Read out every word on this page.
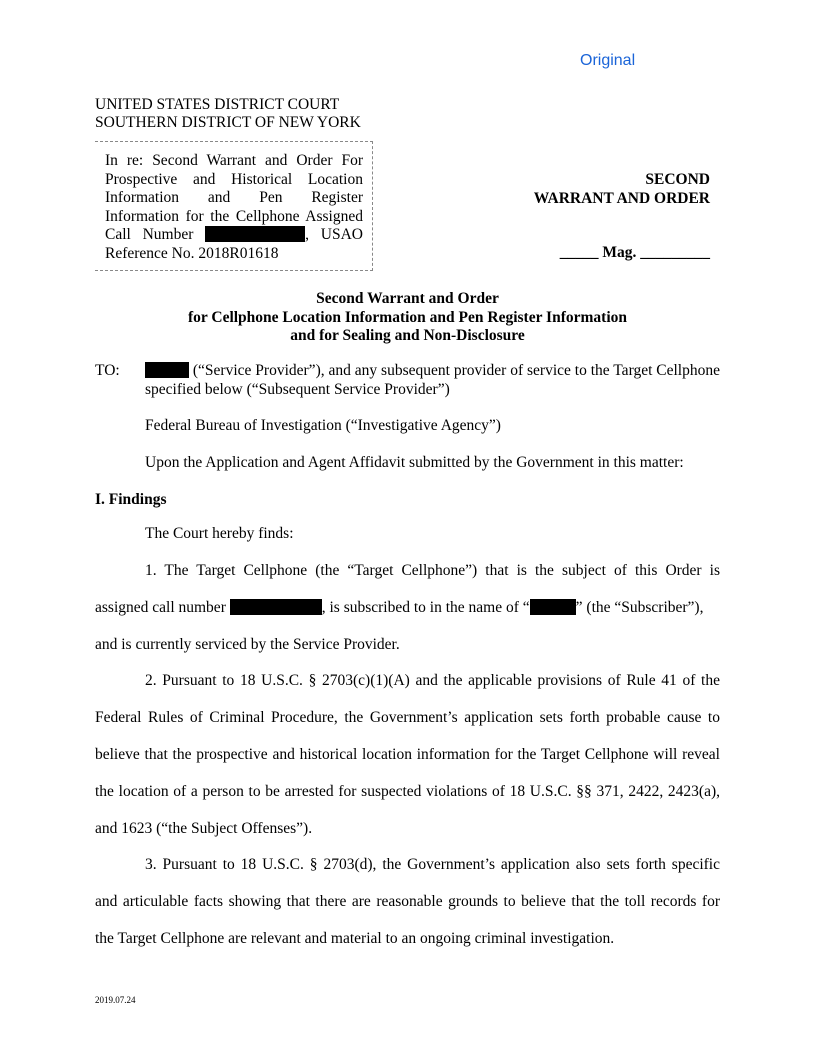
Original
UNITED STATES DISTRICT COURT
SOUTHERN DISTRICT OF NEW YORK
In re: Second Warrant and Order For Prospective and Historical Location Information and Pen Register Information for the Cellphone Assigned Call Number	, USAO Reference No. 2018R01618
SECOND
WARRANT AND ORDER
_____ Mag. _________
Second Warrant and Order
for Cellphone Location Information and Pen Register Information
and for Sealing and Non-Disclosure
TO:	(“Service Provider”), and any subsequent provider of service to the Target Cellphone specified below (“Subsequent Service Provider”)
Federal Bureau of Investigation (“Investigative Agency”)
Upon the Application and Agent Affidavit submitted by the Government in this matter:
I. Findings
The Court hereby finds:
1. The Target Cellphone (the “Target Cellphone”) that is the subject of this Order is
assigned call number	, is subscribed to in the name of “	” (the “Subscriber”),
and is currently serviced by the Service Provider.
2. Pursuant to 18 U.S.C. § 2703(c)(1)(A) and the applicable provisions of Rule 41 of the
Federal Rules of Criminal Procedure, the Government’s application sets forth probable cause to
believe that the prospective and historical location information for the Target Cellphone will reveal
the location of a person to be arrested for suspected violations of 18 U.S.C. §§ 371, 2422, 2423(a),
and 1623 (“the Subject Offenses”).
3. Pursuant to 18 U.S.C. § 2703(d), the Government’s application also sets forth specific
and articulable facts showing that there are reasonable grounds to believe that the toll records for
the Target Cellphone are relevant and material to an ongoing criminal investigation.
2019.07.24
